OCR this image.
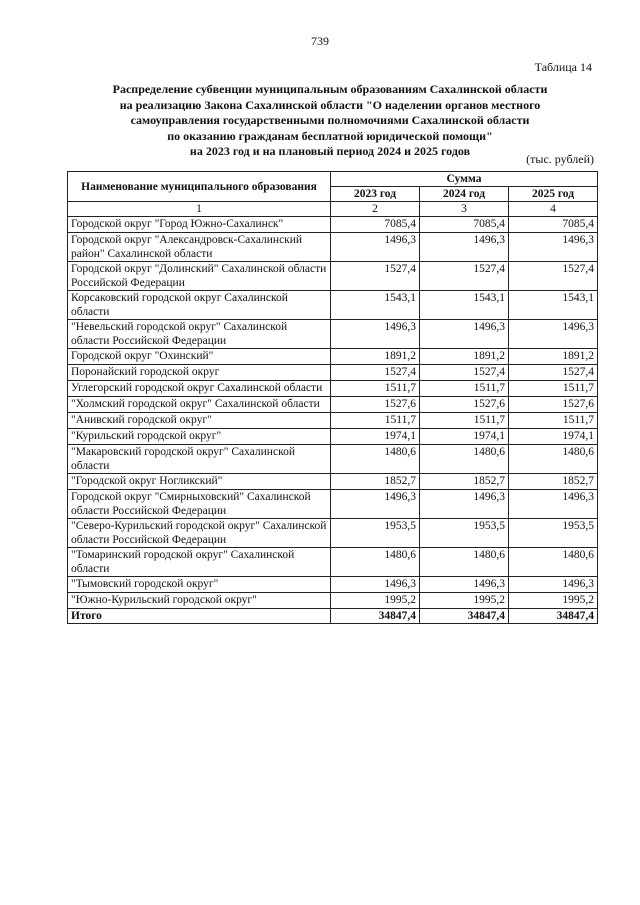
739
Таблица 14
Распределение субвенции муниципальным образованиям Сахалинской области
на реализацию Закона Сахалинской области "О наделении органов местного
самоуправления государственными полномочиями Сахалинской области
по оказанию гражданам бесплатной юридической помощи"
на 2023 год и на плановый период 2024 и 2025 годов
(тыс. рублей)
Наименование муниципального образования	Сумма		
	2023 год	2024 год	2025 год
1	2	3	4
Городской округ "Город Южно-Сахалинск"	7085,4	7085,4	7085,4
Городской округ "Александровск-Сахалинский район" Сахалинской области	1496,3	1496,3	1496,3
Городской округ "Долинский" Сахалинской области Российской Федерации	1527,4	1527,4	1527,4
Корсаковский городской округ Сахалинской области	1543,1	1543,1	1543,1
"Невельский городской округ" Сахалинской области Российской Федерации	1496,3	1496,3	1496,3
Городской округ "Охинский"	1891,2	1891,2	1891,2
Поронайский городской округ	1527,4	1527,4	1527,4
Углегорский городской округ Сахалинской области	1511,7	1511,7	1511,7
"Холмский городской округ" Сахалинской области	1527,6	1527,6	1527,6
"Анивский городской округ"	1511,7	1511,7	1511,7
"Курильский городской округ"	1974,1	1974,1	1974,1
"Макаровский городской округ" Сахалинской области	1480,6	1480,6	1480,6
"Городской округ Ногликский"	1852,7	1852,7	1852,7
Городской округ "Смирныховский" Сахалинской области Российской Федерации	1496,3	1496,3	1496,3
"Северо-Курильский городской округ" Сахалинской области Российской Федерации	1953,5	1953,5	1953,5
"Томаринский городской округ" Сахалинской области	1480,6	1480,6	1480,6
"Тымовский городской округ"	1496,3	1496,3	1496,3
"Южно-Курильский городской округ"	1995,2	1995,2	1995,2
Итого	34847,4	34847,4	34847,4
